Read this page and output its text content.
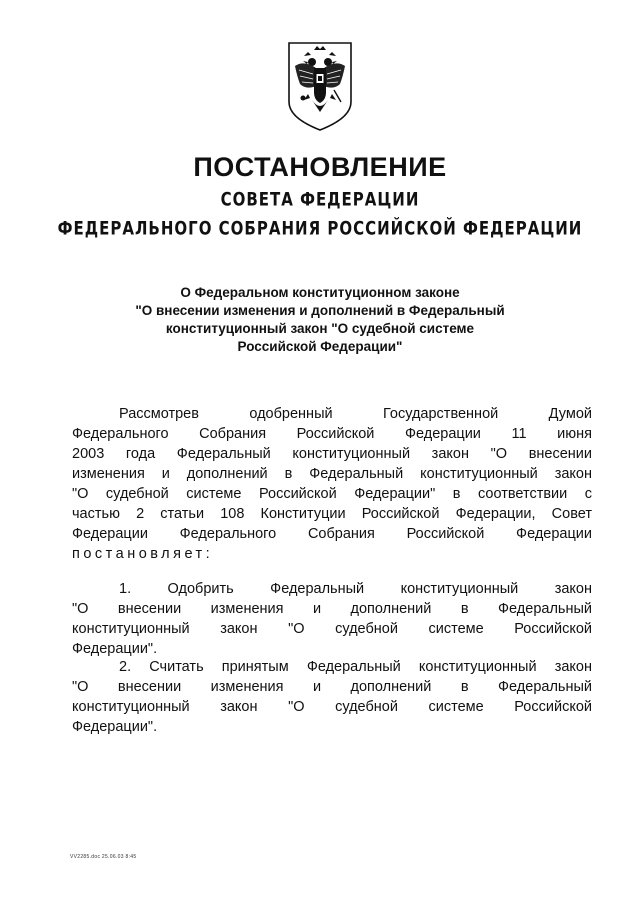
ПОСТАНОВЛЕНИЕ
СОВЕТА ФЕДЕРАЦИИ
ФЕДЕРАЛЬНОГО СОБРАНИЯ РОССИЙСКОЙ ФЕДЕРАЦИИ
О Федеральном конституционном законе
"О внесении изменения и дополнений в Федеральный
конституционный закон "О судебной системе
Российской Федерации"
Рассмотрев одобренный Государственной Думой
Федерального Собрания Российской Федерации 11 июня
2003 года Федеральный конституционный закон "О внесении
изменения и дополнений в Федеральный конституционный закон
"О судебной системе Российской Федерации" в соответствии с
частью 2 статьи 108 Конституции Российской Федерации, Совет
Федерации Федерального Собрания Российской Федерации
постановляет:
1. Одобрить Федеральный конституционный закон
"О внесении изменения и дополнений в Федеральный
конституционный закон "О судебной системе Российской
Федерации".
2. Считать принятым Федеральный конституционный закон
"О внесении изменения и дополнений в Федеральный
конституционный закон "О судебной системе Российской
Федерации".
VV2285.doc 25.06.03 8:45
